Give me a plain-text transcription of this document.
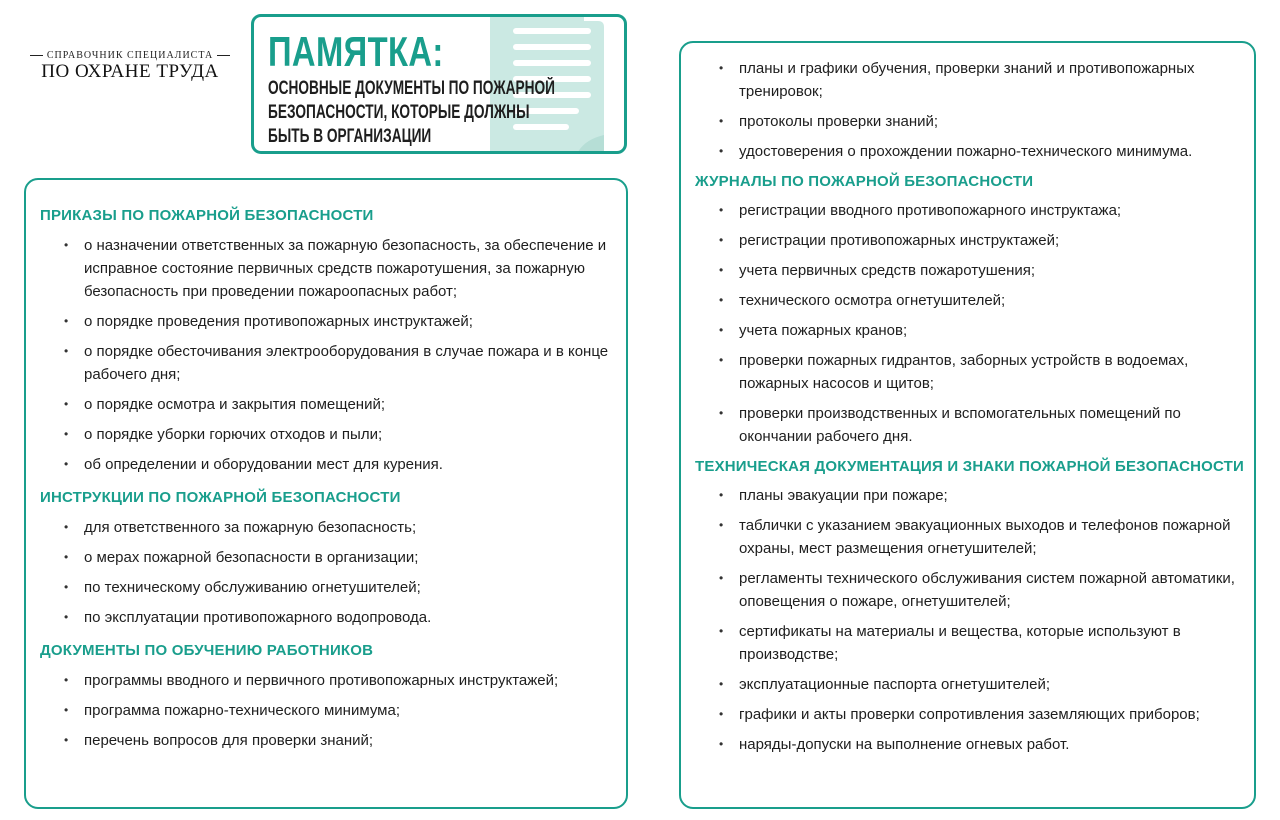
СПРАВОЧНИК СПЕЦИАЛИСТА
ПО ОХРАНЕ ТРУДА ПАМЯТКА:
ОСНОВНЫЕ ДОКУМЕНТЫ ПО ПОЖАРНОЙ БЕЗОПАСНОСТИ, КОТОРЫЕ ДОЛЖНЫ БЫТЬ В ОРГАНИЗАЦИИ
ПРИКАЗЫ ПО ПОЖАРНОЙ БЕЗОПАСНОСТИ
• о назначении ответственных за пожарную безопасность, за обеспечение и исправное состояние первичных средств пожаротушения, за пожарную безопасность при проведении пожароопасных работ;
• о порядке проведения противопожарных инструктажей;
• о порядке обесточивания электрооборудования в случае пожара и в конце рабочего дня;
• о порядке осмотра и закрытия помещений;
• о порядке уборки горючих отходов и пыли;
• об определении и оборудовании мест для курения.
ИНСТРУКЦИИ ПО ПОЖАРНОЙ БЕЗОПАСНОСТИ
• для ответственного за пожарную безопасность;
• о мерах пожарной безопасности в организации;
• по техническому обслуживанию огнетушителей;
• по эксплуатации противопожарного водопровода.
ДОКУМЕНТЫ ПО ОБУЧЕНИЮ РАБОТНИКОВ
• программы вводного и первичного противопожарных инструктажей;
• программа пожарно-технического минимума;
• перечень вопросов для проверки знаний;
• планы и графики обучения, проверки знаний и противопожарных тренировок;
• протоколы проверки знаний;
• удостоверения о прохождении пожарно-технического минимума.
ЖУРНАЛЫ ПО ПОЖАРНОЙ БЕЗОПАСНОСТИ
• регистрации вводного противопожарного инструктажа;
• регистрации противопожарных инструктажей;
• учета первичных средств пожаротушения;
• технического осмотра огнетушителей;
• учета пожарных кранов;
• проверки пожарных гидрантов, заборных устройств в водоемах, пожарных насосов и щитов;
• проверки производственных и вспомогательных помещений по окончании рабочего дня.
ТЕХНИЧЕСКАЯ ДОКУМЕНТАЦИЯ И ЗНАКИ ПОЖАРНОЙ БЕЗОПАСНОСТИ
• планы эвакуации при пожаре;
• таблички с указанием эвакуационных выходов и телефонов пожарной охраны, мест размещения огнетушителей;
• регламенты технического обслуживания систем пожарной автоматики, оповещения о пожаре, огнетушителей;
• сертификаты на материалы и вещества, которые используют в производстве;
• эксплуатационные паспорта огнетушителей;
• графики и акты проверки сопротивления заземляющих приборов;
• наряды-допуски на выполнение огневых работ.
